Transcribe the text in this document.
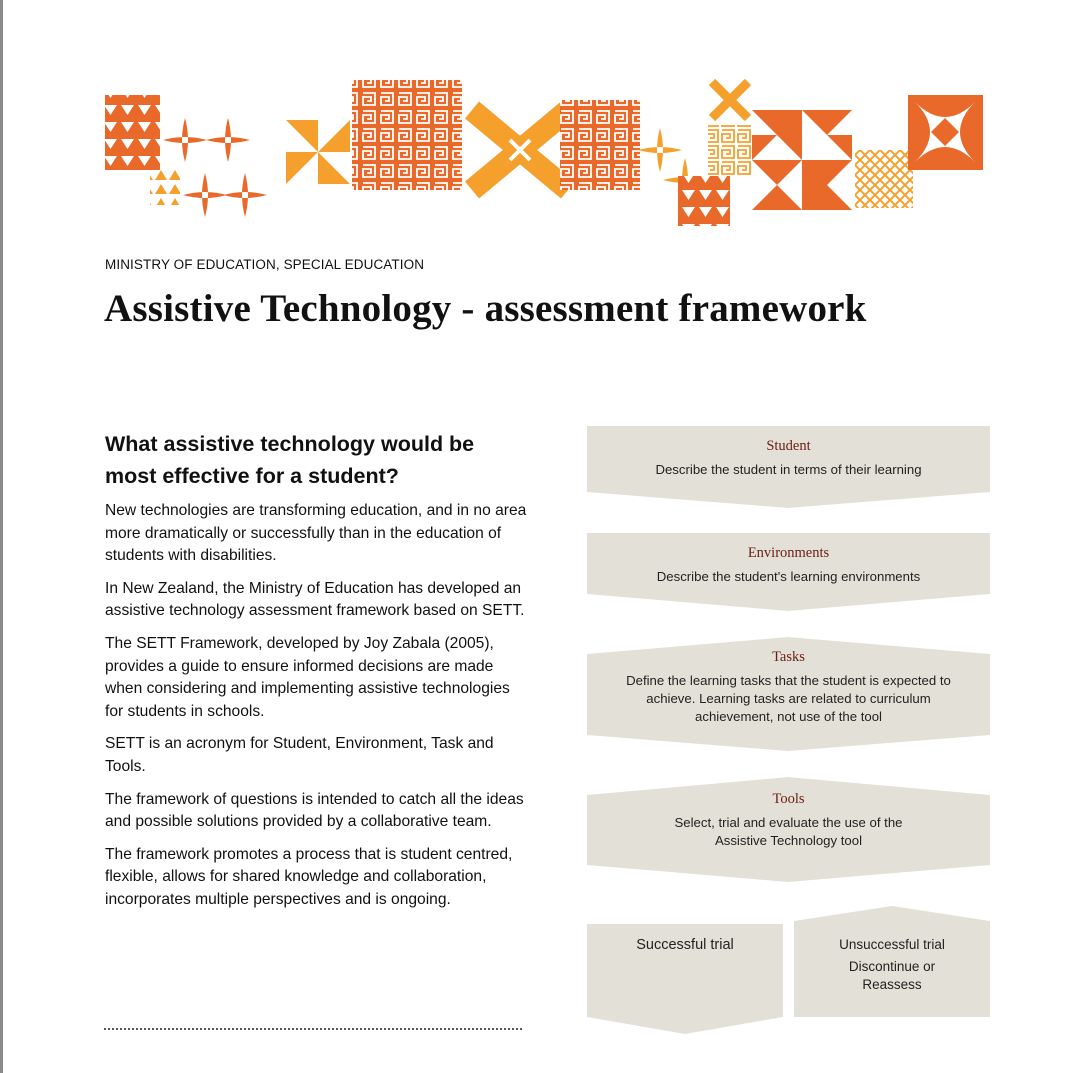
MINISTRY OF EDUCATION, SPECIAL EDUCATION
Assistive Technology - assessment framework
What assistive technology would be most effective for a student?

New technologies are transforming education, and in no area more dramatically or successfully than in the education of students with disabilities.

In New Zealand, the Ministry of Education has developed an assistive technology assessment framework based on SETT.

The SETT Framework, developed by Joy Zabala (2005), provides a guide to ensure informed decisions are made when considering and implementing assistive technologies for students in schools.

SETT is an acronym for Student, Environment, Task and Tools.

The framework of questions is intended to catch all the ideas and possible solutions provided by a collaborative team.

The framework promotes a process that is student centred, flexible, allows for shared knowledge and collaboration, incorporates multiple perspectives and is ongoing.

Student
Describe the student in terms of their learning
Environments
Describe the student's learning environments
Tasks
Define the learning tasks that the student is expected to achieve. Learning tasks are related to curriculum achievement, not use of the tool
Tools
Select, trial and evaluate the use of the Assistive Technology tool
Successful trial	Unsuccessful trial
Discontinue or Reassess
